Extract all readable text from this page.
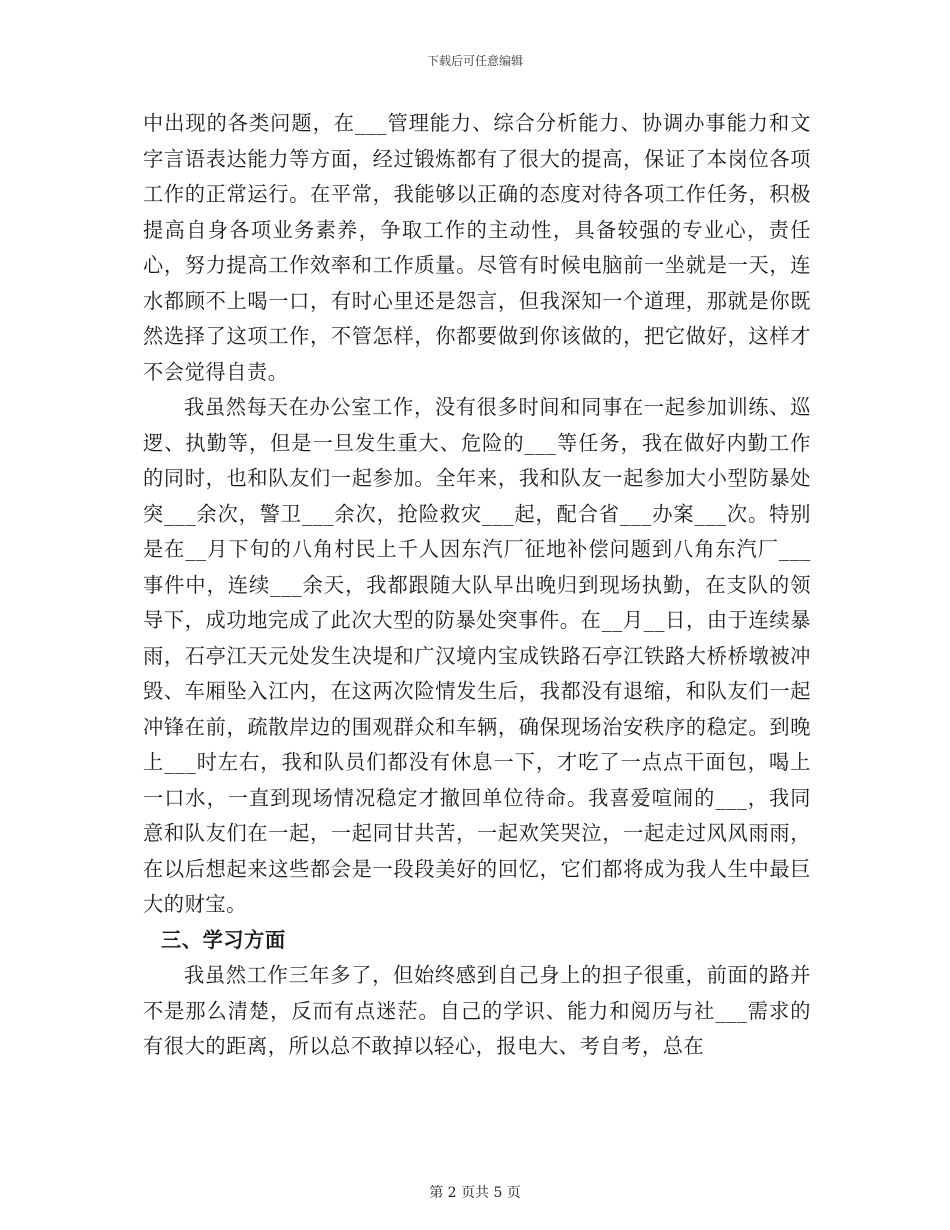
下载后可任意编辑

中出现的各类问题，在___管理能力、综合分析能力、协调办事能力和文字言语表达能力等方面，经过锻炼都有了很大的提高，保证了本岗位各项工作的正常运行。在平常，我能够以正确的态度对待各项工作任务，积极提高自身各项业务素养，争取工作的主动性，具备较强的专业心，责任心，努力提高工作效率和工作质量。尽管有时候电脑前一坐就是一天，连水都顾不上喝一口，有时心里还是怨言，但我深知一个道理，那就是你既然选择了这项工作，不管怎样，你都要做到你该做的，把它做好，这样才不会觉得自责。

我虽然每天在办公室工作，没有很多时间和同事在一起参加训练、巡逻、执勤等，但是一旦发生重大、危险的___等任务，我在做好内勤工作的同时，也和队友们一起参加。全年来，我和队友一起参加大小型防暴处突___余次，警卫___余次，抢险救灾___起，配合省___办案___次。特别是在__月下旬的八角村民上千人因东汽厂征地补偿问题到八角东汽厂___事件中，连续___余天，我都跟随大队早出晚归到现场执勤，在支队的领导下，成功地完成了此次大型的防暴处突事件。在__月__日，由于连续暴雨，石亭江天元处发生决堤和广汉境内宝成铁路石亭江铁路大桥桥墩被冲毁、车厢坠入江内，在这两次险情发生后，我都没有退缩，和队友们一起冲锋在前，疏散岸边的围观群众和车辆，确保现场治安秩序的稳定。到晚上___时左右，我和队员们都没有休息一下，才吃了一点点干面包，喝上一口水，一直到现场情况稳定才撤回单位待命。我喜爱喧闹的___，我同意和队友们在一起，一起同甘共苦，一起欢笑哭泣，一起走过风风雨雨，在以后想起来这些都会是一段段美好的回忆，它们都将成为我人生中最巨大的财宝。

三、学习方面

我虽然工作三年多了，但始终感到自己身上的担子很重，前面的路并不是那么清楚，反而有点迷茫。自己的学识、能力和阅历与社___需求的有很大的距离，所以总不敢掉以轻心，报电大、考自考，总在

第 2 页共 5 页
